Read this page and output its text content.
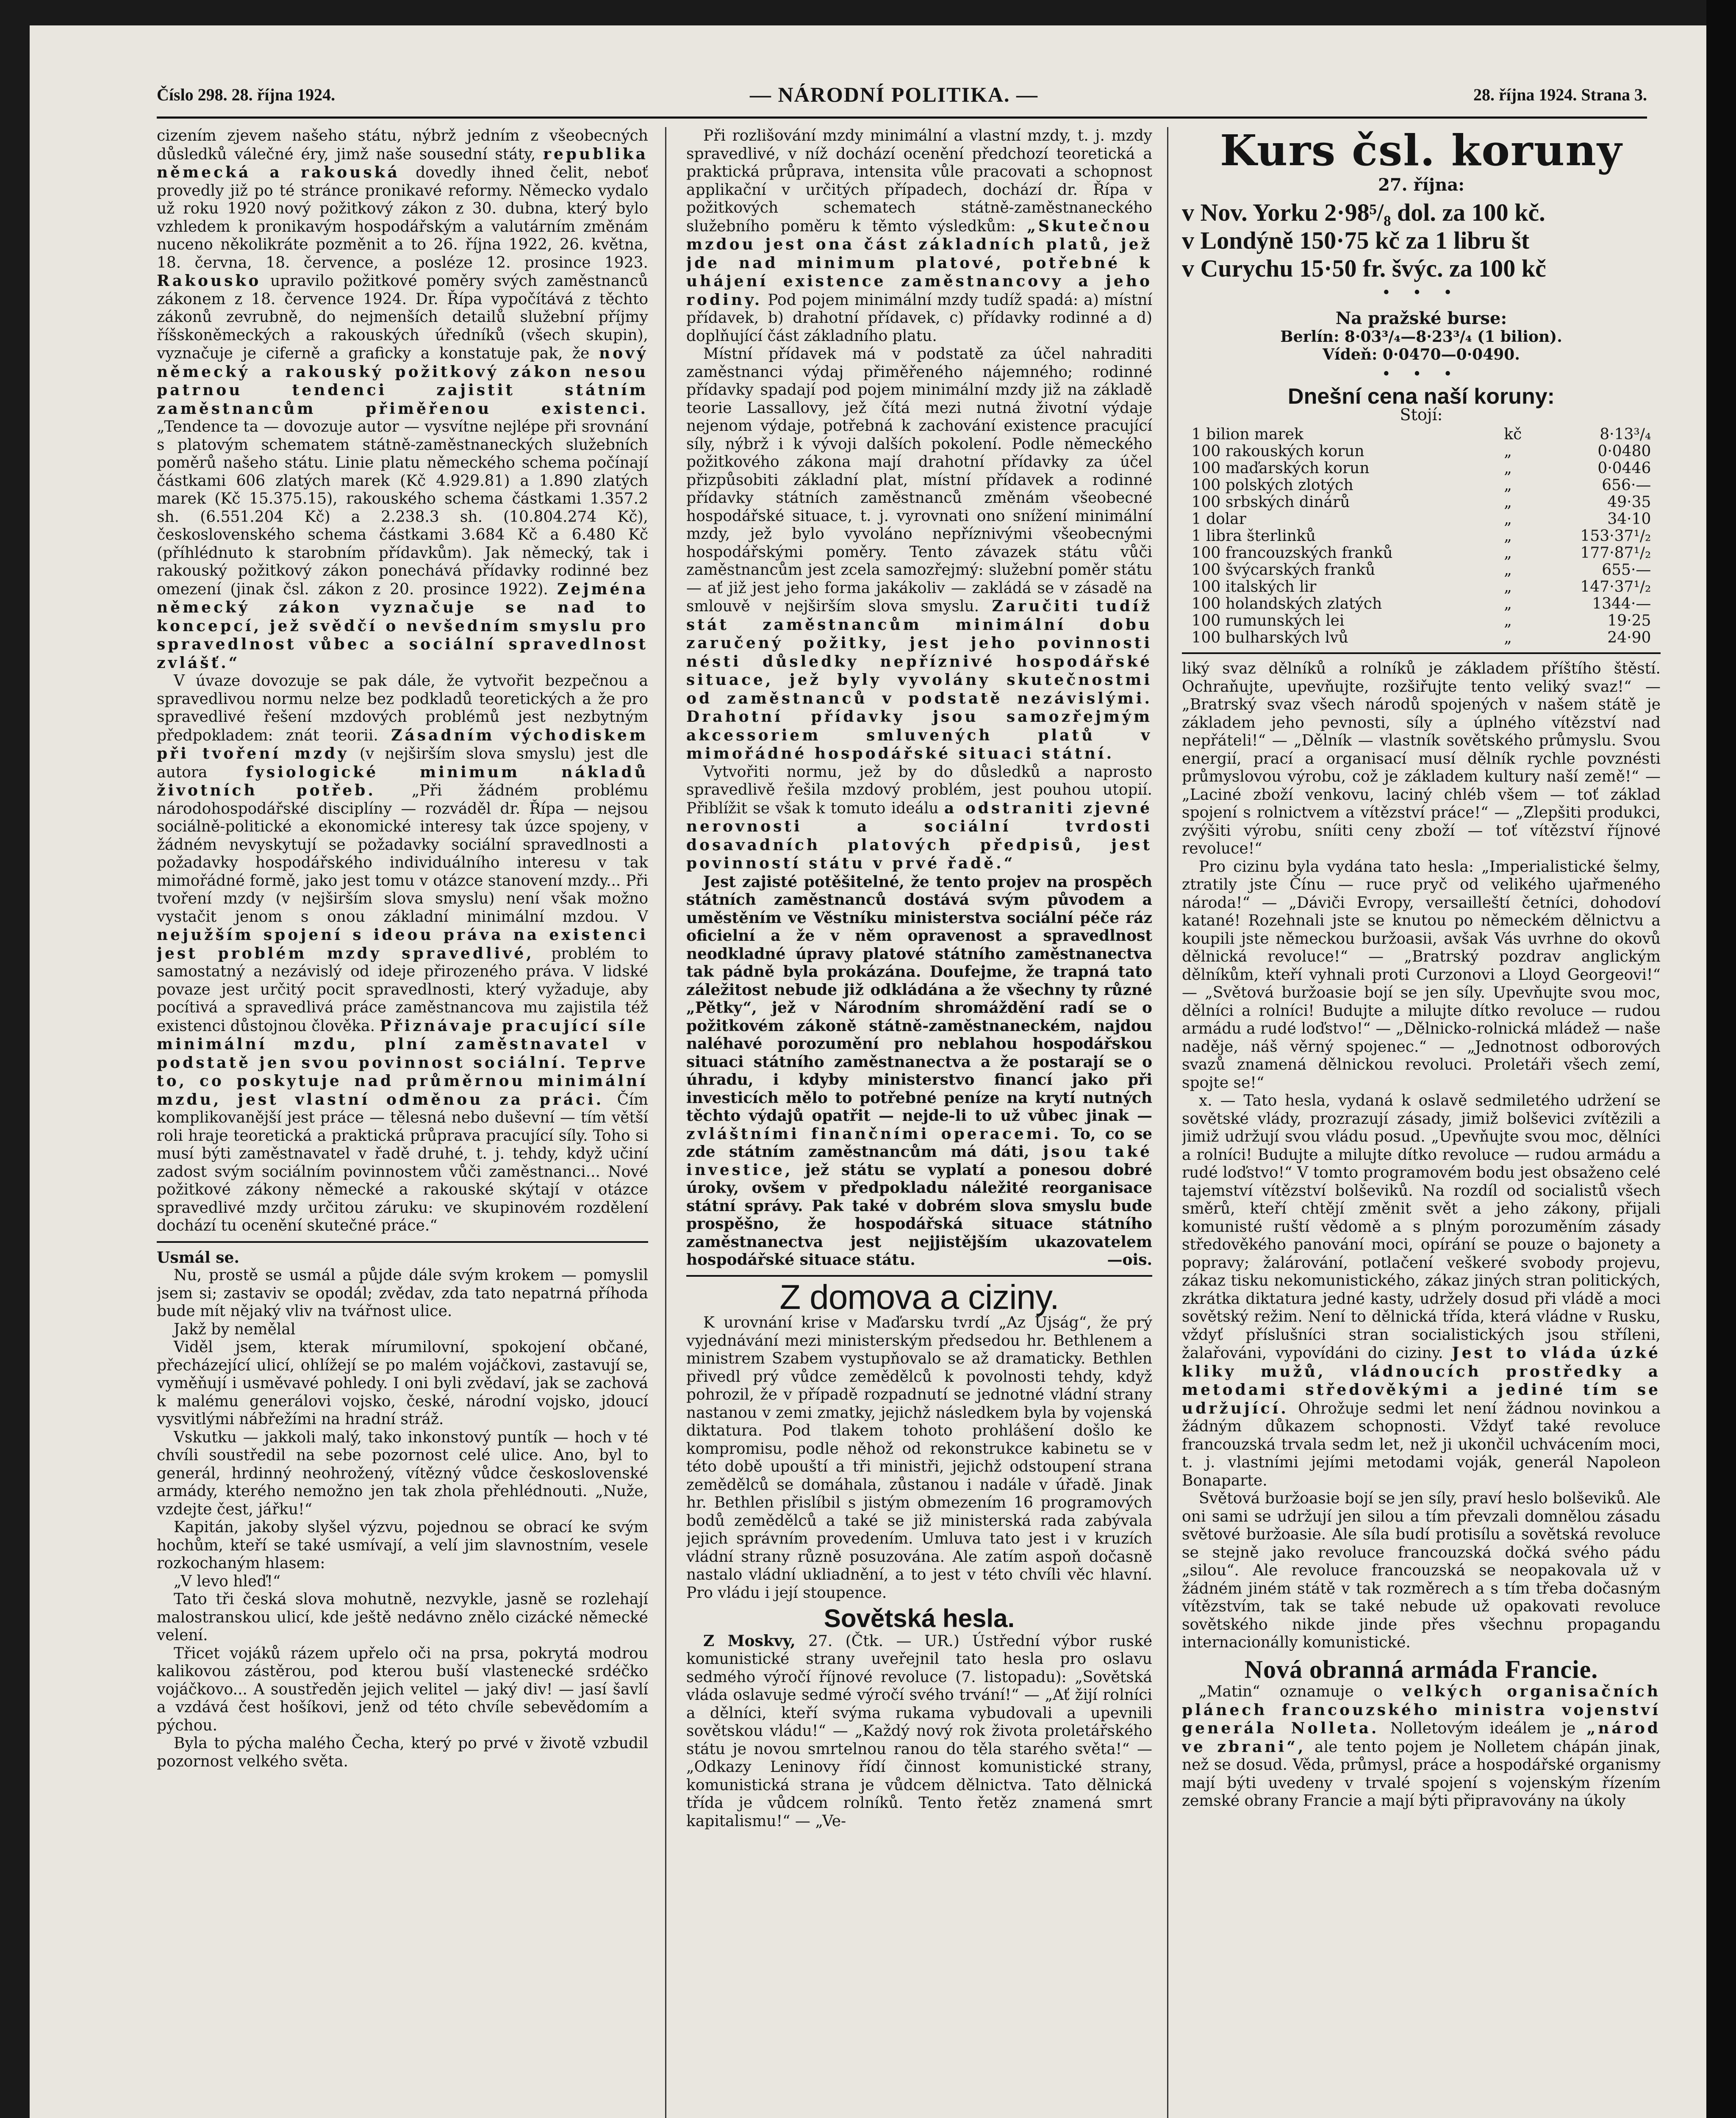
Číslo 298. 28. října 1924.	— NÁRODNÍ POLITIKA. —	28. října 1924. Strana 3.

cizením zjevem našeho státu, nýbrž jedním z všeobecných důsledků válečné éry, jimž naše sousední státy, republika německá a rakouská dovedly ihned čelit, neboť provedly již po té stránce pronikavé reformy. Německo vydalo už roku 1920 nový požitkový zákon z 30. dubna, který bylo vzhledem k pronikavým hospodářským a valutárním změnám nuceno několikráte pozměnit a to 26. října 1922, 26. května, 18. června, 18. července, a posléze 12. prosince 1923. Rakousko upravilo požitkové poměry svých zaměstnanců zákonem z 18. července 1924. Dr. Řípa vypočítává z těchto zákonů zevrubně, do nejmenších detailů služební příjmy říšskoněmeckých a rakouských úředníků (všech skupin), vyznačuje je ciferně a graficky a konstatuje pak, že nový německý a rakouský požitkový zákon nesou patrnou tendenci zajistit státním zaměstnancům přiměřenou existenci. „Tendence ta — dovozuje autor — vysvítne nejlépe při srovnání s platovým schematem státně-zaměstnaneckých služebních poměrů našeho státu. Linie platu německého schema počínají částkami 606 zlatých marek (Kč 4.929.81) a 1.890 zlatých marek (Kč 15.375.15), rakouského schema částkami 1.357.2 sh. (6.551.204 Kč) a 2.238.3 sh. (10.804.274 Kč), československého schema částkami 3.684 Kč a 6.480 Kč (příhlédnuto k starobním přídavkům). Jak německý, tak i rakouský požitkový zákon ponechává přídavky rodinné bez omezení (jinak čsl. zákon z 20. prosince 1922). Zejména německý zákon vyznačuje se nad to koncepcí, jež svědčí o nevšedním smyslu pro spravedlnost vůbec a sociální spravedlnost zvlášť.“

V úvaze dovozuje se pak dále, že vytvořit bezpečnou a spravedlivou normu nelze bez podkladů teoretických a že pro spravedlivé řešení mzdových problémů jest nezbytným předpokladem: znát teorii. Zásadním východiskem při tvoření mzdy (v nejširším slova smyslu) jest dle autora	fysiologické minimum nákladů životních potřeb. „Při žádném problému národohospodářské disciplíny — rozváděl dr. Řípa — nejsou sociálně-politické a ekonomické interesy tak úzce spojeny, v žádném nevyskytují se požadavky sociální spravedlnosti a požadavky hospodářského individuálního interesu v tak mimořádné formě, jako jest tomu v otázce stanovení mzdy... Při tvoření mzdy (v nejširším slova smyslu) není však možno vystačit jenom s onou základní minimální mzdou. V nejužším spojení s ideou práva na existenci jest problém mzdy spravedlivé, problém to samostatný a nezávislý od ideje přirozeného práva. V lidské povaze jest určitý pocit spravedlnosti, který vyžaduje, aby pocítivá a spravedlivá práce zaměstnancova mu zajistila též existenci důstojnou člověka. Přiznávaje pracující síle minimální mzdu, plní zaměstnavatel v podstatě jen svou povinnost sociální. Teprve to, co poskytuje nad průměrnou minimální mzdu, jest vlastní odměnou za práci. Čím komplikovanější jest práce — tělesná nebo duševní — tím větší roli hraje teoretická a praktická průprava pracující síly. Toho si musí býti zaměstnavatel v řadě druhé, t. j. tehdy, když učiní zadost svým sociálním povinnostem vůči zaměstnanci... Nové požitkové zákony německé a rakouské skýtají v otázce spravedlivé mzdy určitou záruku: ve skupinovém rozdělení dochází tu ocenění skutečné práce.“

Usmál se.

Nu, prostě se usmál a půjde dále svým krokem — pomyslil jsem si; zastaviv se opodál; zvědav, zda tato nepatrná příhoda bude mít nějaký vliv na tvářnost ulice.

Jakž by nemělal

Viděl jsem, kterak mírumilovní, spokojení občané, přecházející ulicí, ohlížejí se po malém vojáčkovi, zastavují se, vyměňují i usměvavé pohledy. I oni byli zvědaví, jak se zachová k malému generálovi vojsko, české, národní vojsko, jdoucí vysvitlými nábřežími na hradní stráž.

Vskutku — jakkoli malý, tako inkonstový puntík — hoch v té chvíli soustředil na sebe pozornost celé ulice. Ano, byl to generál, hrdinný neohrožený, vítězný vůdce československé armády, kterého nemožno jen tak zhola přehlédnouti. „Nuže, vzdejte čest, jářku!“

Kapitán, jakoby slyšel výzvu, pojednou se obrací ke svým hochům, kteří se také usmívají, a velí jim slavnostním, vesele rozkochaným hlasem:

„V levo hleď!“

Tato tři česká slova mohutně, nezvykle, jasně se rozlehají malostranskou ulicí, kde ještě nedávno znělo cizácké německé velení.

Třicet vojáků rázem upřelo oči na prsa, pokrytá modrou kalikovou zástěrou, pod kterou buší vlastenecké srdéčko vojáčkovo... A soustředěn jejich velitel — jaký div! — jasí šavlí a vzdává čest hošíkovi, jenž od této chvíle sebevědomím a pýchou.

Byla to pýcha malého Čecha, který po prvé v životě vzbudil pozornost velkého světa.

Při rozlišování mzdy minimální a vlastní mzdy, t. j. mzdy spravedlivé, v níž dochází ocenění předchozí teoretická a praktická průprava, intensita vůle pracovati a schopnost applikační v určitých případech, dochází dr. Řípa v požitkových schematech státně-zaměstnaneckého služebního poměru k těmto výsledkům: „Skutečnou mzdou jest ona část základních platů, jež jde nad minimum platové, potřebné k uhájení existence zaměstnancovy a jeho rodiny. Pod pojem minimální mzdy tudíž spadá: a) místní přídavek, b) drahotní přídavek, c) přídavky rodinné a d) doplňující část základního platu.

Místní přídavek má v podstatě za účel nahraditi zaměstnanci výdaj přiměřeného nájemného; rodinné přídavky spadají pod pojem minimální mzdy již na základě teorie Lassallovy, jež čítá mezi nutná životní výdaje nejenom výdaje, potřebná k zachování existence pracující síly, nýbrž i k vývoji dalších pokolení. Podle německého požitkového zákona mají drahotní přídavky za účel přizpůsobiti základní plat, místní přídavek a rodinné přídavky státních zaměstnanců změnám všeobecné hospodářské situace, t. j. vyrovnati ono snížení minimální mzdy, jež bylo vyvoláno nepříznivými všeobecnými hospodářskými poměry. Tento závazek státu vůči zaměstnancům jest zcela samozřejmý: služební poměr státu — ať již jest jeho forma jakákoliv — zakládá se v zásadě na smlouvě v nejširším slova smyslu. Zaručiti tudíž stát zaměstnancům minimální dobu zaručený požitky, jest jeho povinnosti nésti důsledky nepříznivé hospodářské situace, jež byly vyvolány skutečnostmi od zaměstnanců v podstatě nezávislými. Drahotní přídavky jsou samozřejmým akcessoriem smluvených platů v mimořádné hospodářské situaci státní.

Vytvořiti normu, jež by do důsledků a naprosto spravedlivě řešila mzdový problém, jest pouhou utopií. Přiblížit se však k tomuto ideálu a odstraniti zjevné nerovnosti a sociální tvrdosti dosavadních platových předpisů, jest povinností státu v prvé řadě.“

Jest zajisté potěšitelné, že tento projev na prospěch státních zaměstnanců dostává svým původem a uměstěním ve Věstníku ministerstva sociální péče ráz oficielní a že v něm opravenost a spravedlnost neodkladné úpravy platové státního zaměstnanectva tak pádně byla prokázána. Doufejme, že trapná tato záležitost nebude již odkládána a že všechny ty různé „Pětky“, jež v Národním shromáždění radí se o požitkovém zákoně státně-zaměstnaneckém, najdou naléhavé porozumění pro neblahou hospodářskou situaci státního zaměstnanectva a že postarají se o úhradu, i kdyby ministerstvo financí jako při investicích mělo to potřebné peníze na krytí nutných těchto výdajů opatřit — nejde-li to už vůbec jinak — zvláštními finančními operacemi. To, co se zde státním zaměstnancům má dáti, jsou také investice, jež státu se vyplatí a ponesou dobré úroky, ovšem v předpokladu náležité reorganisace státní správy. Pak také v dobrém slova smyslu bude prospěšno, že hospodářská situace státního zaměstnanectva jest nejjistějším ukazovatelem hospodářské situace státu.	—ois.

Z domova a ciziny.

K urovnání krise v Maďarsku tvrdí „Az Ujság“, že prý vyjednávání mezi ministerským předsedou hr. Bethlenem a ministrem Szabem vystupňovalo se až dramaticky. Bethlen přivedl prý vůdce zemědělců k povolnosti tehdy, když pohrozil, že v případě rozpadnutí se jednotné vládní strany nastanou v zemi zmatky, jejichž následkem byla by vojenská diktatura. Pod tlakem tohoto prohlášení došlo ke kompromisu, podle něhož od rekonstrukce kabinetu se v této době upouští a tři ministři, jejichž odstoupení strana zemědělců se domáhala, zůstanou i nadále v úřadě. Jinak hr. Bethlen přislíbil s jistým obmezením 16 programových bodů zemědělců a také se již ministerská rada zabývala jejich správním provedením. Umluva tato jest i v kruzích vládní strany různě posuzována. Ale zatím aspoň dočasně nastalo vládní ukliadnění, a to jest v této chvíli věc hlavní. Pro vládu i její stoupence.

Sovětská hesla.

Z Moskvy, 27. (Čtk. — UR.) Ústřední výbor ruské komunistické strany uveřejnil tato hesla pro oslavu sedmého výročí říjnové revoluce (7. listopadu): „Sovětská vláda oslavuje sedmé výročí svého trvání!“ — „Ať žijí rolníci a dělníci, kteří svýma rukama vybudovali a upevnili sovětskou vládu!“ — „Každý nový rok života proletářského státu je novou smrtelnou ranou do těla starého světa!“ — „Odkazy Leninovy řídí činnost komunistické strany, komunistická strana je vůdcem dělnictva. Tato dělnická třída je vůdcem rolníků. Tento řetěz znamená smrt kapitalismu!“ — „Ve-

Kurs čsl. koruny
27. října:
v Nov. Yorku 2·98⁵/₈ dol. za 100 kč.
v Londýně 150·75 kč za 1 libru št
v Curychu 15·50 fr. švýc. za 100 kč
• • •
Na pražské burse:
Berlín: 8·03³/₄—8·23³/₄ (1 bilion).
Vídeň: 0·0470—0·0490.
• • •
Dnešní cena naší koruny:
Stojí:
1 bilion marek	kč	8·13³/₄
100 rakouských korun	„	0·0480
100 maďarských korun	„	0·0446
100 polských zlotých	„	656·—
100 srbských dinárů	„	49·35
1 dolar	„	34·10
1 libra šterlinků	„	153·37¹/₂
100 francouzských franků	„	177·87¹/₂
100 švýcarských franků	„	655·—
100 italských lir	„	147·37¹/₂
100 holandských zlatých	„	1344·—
100 rumunských lei	„	19·25
100 bulharských lvů	„	24·90

liký svaz dělníků a rolníků je základem příštího štěstí. Ochraňujte, upevňujte, rozšiřujte tento veliký svaz!“ — „Bratrský svaz všech národů spojených v našem státě je základem jeho pevnosti, síly a úplného vítězství nad nepřáteli!“ — „Dělník — vlastník sovětského průmyslu. Svou energií, prací a organisací musí dělník rychle povznésti průmyslovou výrobu, což je základem kultury naší země!“ — „Laciné zboží venkovu, laciný chléb všem — toť základ spojení s rolnictvem a vítězství práce!“ — „Zlepšiti produkci, zvýšiti výrobu, sníiti ceny zboží — toť vítězství říjnové revoluce!“

Pro cizinu byla vydána tato hesla: „Imperialistické šelmy, ztratily jste Čínu — ruce pryč od velikého ujařmeného národa!“ — „Dáviči Evropy, versailleští četníci, dohodoví katané! Rozehnali jste se knutou po německém dělnictvu a koupili jste německou buržoasii, avšak Vás uvrhne do okovů dělnická revoluce!“ — „Bratrský pozdrav anglickým dělníkům, kteří vyhnali proti Curzonovi a Lloyd Georgeovi!“ — „Světová buržoasie bojí se jen síly. Upevňujte svou moc, dělníci a rolníci! Budujte a milujte dítko revoluce — rudou armádu a rudé loďstvo!“ — „Dělnicko-rolnická mládež — naše naděje, náš věrný spojenec.“ — „Jednotnost odborových svazů znamená dělnickou revoluci. Proletáři všech zemí, spojte se!“

x. — Tato hesla, vydaná k oslavě sedmiletého udržení se sovětské vlády, prozrazují zásady, jimiž bolševici zvítězili a jimiž udržují svou vládu posud. „Upevňujte svou moc, dělníci a rolníci! Budujte a milujte dítko revoluce — rudou armádu a rudé loďstvo!“ V tomto programovém bodu jest obsaženo celé tajemství vítězství bolševiků. Na rozdíl od socialistů všech směrů, kteří chtějí změnit svět a jeho zákony, přijali komunisté ruští vědomě a s plným porozuměním zásady středověkého panování moci, opírání se pouze o bajonety a popravy; žalárování, potlačení veškeré svobody projevu, zákaz tisku nekomunistického, zákaz jiných stran politických, zkrátka diktatura jedné kasty, udržely dosud při vládě a moci sovětský režim. Není to dělnická třída, která vládne v Rusku, vždyť příslušníci stran socialistických jsou stříleni, žalařováni, vypovídáni do ciziny. Jest to vláda úzké kliky mužů, vládnoucích prostředky a metodami středověkými a jediné tím se udržující. Ohrožuje sedmi let není žádnou novinkou a žádným důkazem schopnosti. Vždyť také revoluce francouzská trvala sedm let, než ji ukončil uchvácením moci, t. j. vlastními jejími metodami voják, generál Napoleon Bonaparte.

Světová buržoasie bojí se jen síly, praví heslo bolševiků. Ale oni sami se udržují jen silou a tím převzali domnělou zásadu světové buržoasie. Ale síla budí protisílu a sovětská revoluce se stejně jako revoluce francouzská dočká svého pádu „silou“. Ale revoluce francouzská se neopakovala už v žádném jiném státě v tak rozměrech a s tím třeba dočasným vítězstvím, tak se také nebude už opakovati revoluce sovětského nikde jinde přes všechnu propagandu internacionálly komunistické.

Nová obranná armáda Francie.

„Matin“ oznamuje o velkých organisačních plánech francouzského ministra vojenství generála Nolleta. Nolletovým ideálem je „národ ve zbrani“, ale tento pojem je Nolletem chápán jinak, než se dosud. Věda, průmysl, práce a hospodářské organismy mají býti uvedeny v trvalé spojení s vojenským řízením zemské obrany Francie a mají býti připravovány na úkoly
